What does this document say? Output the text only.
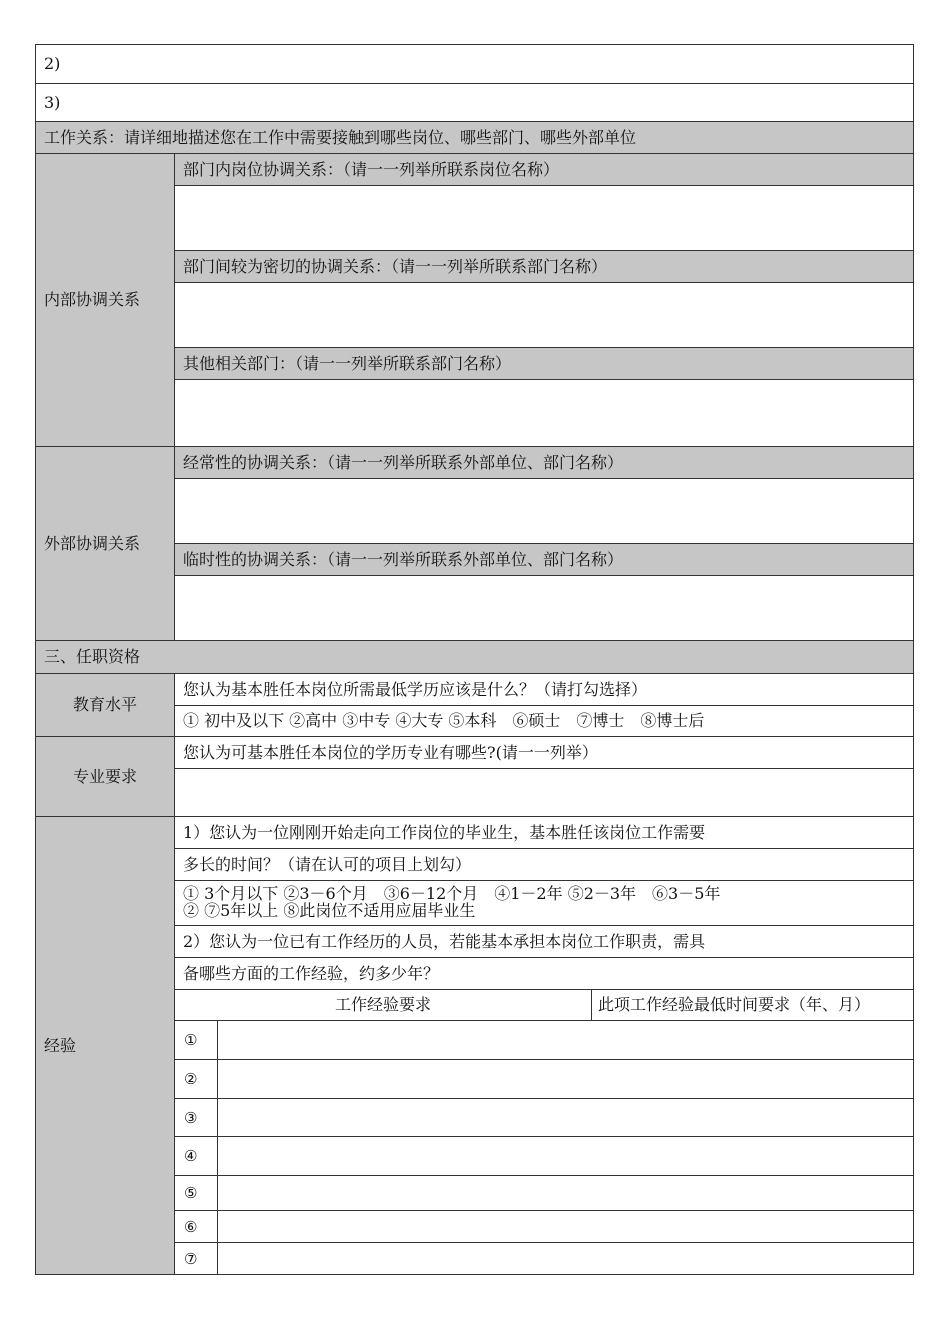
2)
3)
工作关系：请详细地描述您在工作中需要接触到哪些岗位、哪些部门、哪些外部单位
内部协调关系
部门内岗位协调关系：（请一一列举所联系岗位名称）
部门间较为密切的协调关系：（请一一列举所联系部门名称）
其他相关部门：（请一一列举所联系部门名称）
外部协调关系
经常性的协调关系：（请一一列举所联系外部单位、部门名称）
临时性的协调关系：（请一一列举所联系外部单位、部门名称）
三、任职资格
教育水平
您认为基本胜任本岗位所需最低学历应该是什么？（请打勾选择）
① 初中及以下 ②高中 ③中专 ④大专 ⑤本科　⑥硕士　⑦博士　⑧博士后
专业要求
您认为可基本胜任本岗位的学历专业有哪些?(请一一列举）
经验
1）您认为一位刚刚开始走向工作岗位的毕业生，基本胜任该岗位工作需要
多长的时间？（请在认可的项目上划勾）
① 3个月以下 ②3－6个月　③6－12个月　④1－2年 ⑤2－3年　⑥3－5年
② ⑦5年以上 ⑧此岗位不适用应届毕业生
2）您认为一位已有工作经历的人员，若能基本承担本岗位工作职责，需具
备哪些方面的工作经验，约多少年？
工作经验要求	此项工作经验最低时间要求（年、月）
①
②
③
④
⑤
⑥
⑦
